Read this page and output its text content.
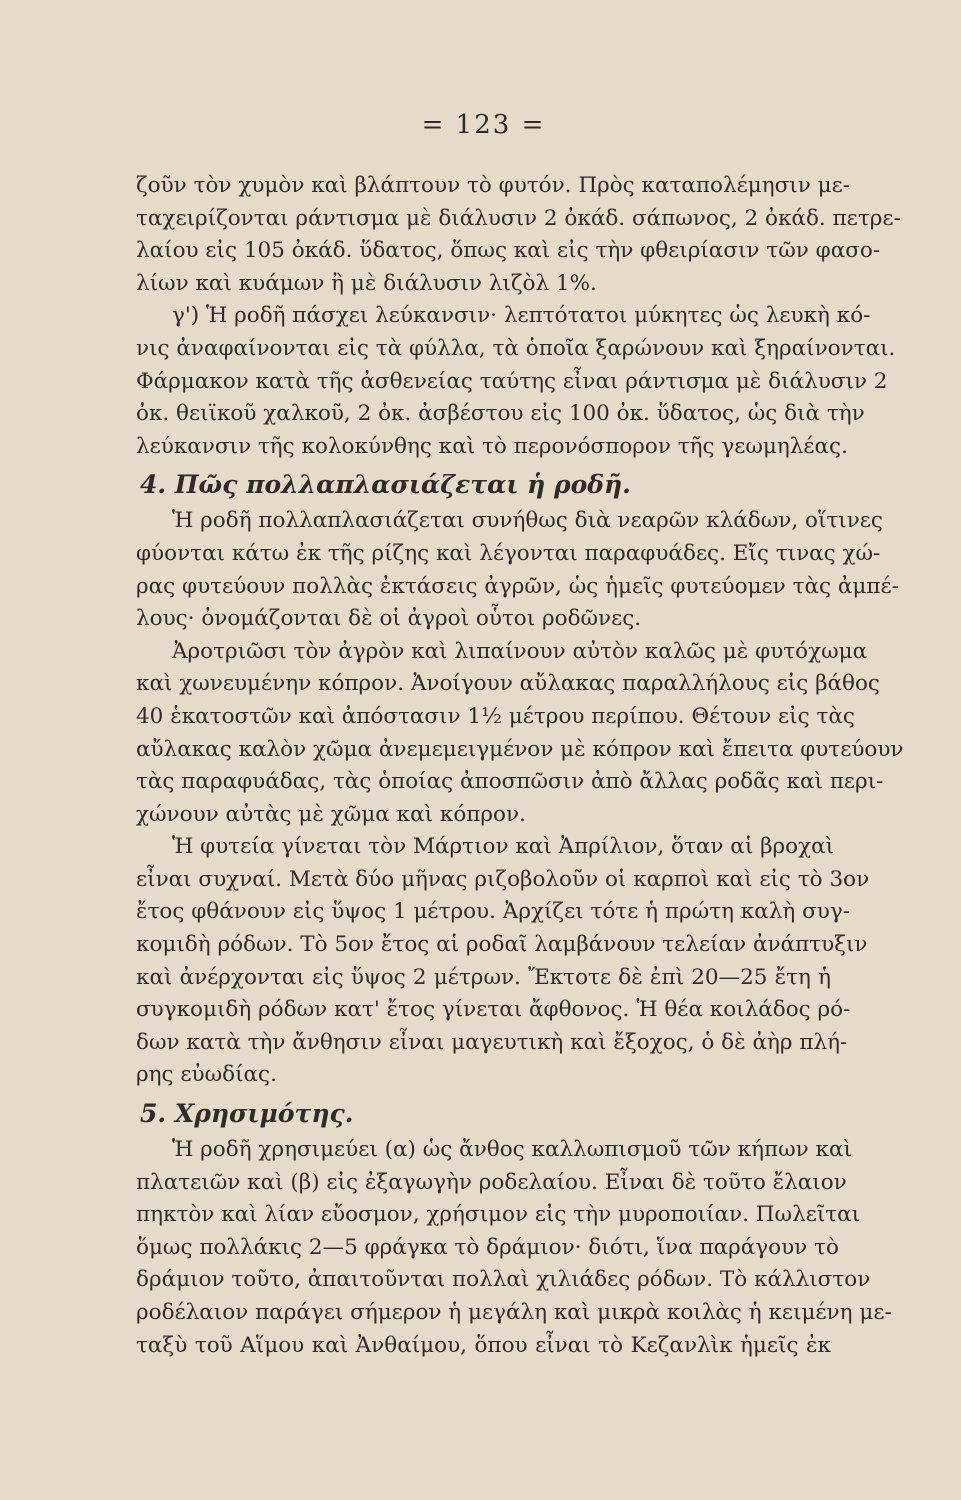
= 123 =
ζοῦν τὸν χυμὸν καὶ βλάπτουν τὸ φυτόν. Πρὸς καταπολέμησιν με-
ταχειρίζονται ράντισμα μὲ διάλυσιν 2 ὀκάδ. σάπωνος, 2 ὀκάδ. πετρε-
λαίου εἰς 105 ὀκάδ. ὕδατος, ὅπως καὶ εἰς τὴν φθειρίασιν τῶν φασο-
λίων καὶ κυάμων ἢ μὲ διάλυσιν λιζὸλ 1%.
γ') Ἡ ροδῆ πάσχει λεύκανσιν· λεπτότατοι μύκητες ὡς λευκὴ κό-
νις ἀναφαίνονται εἰς τὰ φύλλα, τὰ ὁποῖα ξαρώνουν καὶ ξηραίνονται.
Φάρμακον κατὰ τῆς ἀσθενείας ταύτης εἶναι ράντισμα μὲ διάλυσιν 2
ὀκ. θειϊκοῦ χαλκοῦ, 2 ὀκ. ἀσβέστου εἰς 100 ὀκ. ὕδατος, ὡς διὰ τὴν
λεύκανσιν τῆς κολοκύνθης καὶ τὸ περονόσπορον τῆς γεωμηλέας.
4. Πῶς πολλαπλασιάζεται ἡ ροδῆ.
Ἡ ροδῆ πολλαπλασιάζεται συνήθως διὰ νεαρῶν κλάδων, οἵτινες
φύονται κάτω ἐκ τῆς ρίζης καὶ λέγονται παραφυάδες. Εἴς τινας χώ-
ρας φυτεύουν πολλὰς ἐκτάσεις ἀγρῶν, ὡς ἡμεῖς φυτεύομεν τὰς ἀμπέ-
λους· ὀνομάζονται δὲ οἱ ἀγροὶ οὗτοι ροδῶνες.
Ἀροτριῶσι τὸν ἀγρὸν καὶ λιπαίνουν αὐτὸν καλῶς μὲ φυτόχωμα
καὶ χωνευμένην κόπρον. Ἀνοίγουν αὔλακας παραλλήλους εἰς βάθος
40 ἑκατοστῶν καὶ ἀπόστασιν 1½ μέτρου περίπου. Θέτουν εἰς τὰς
αὔλακας καλὸν χῶμα ἀνεμεμειγμένον μὲ κόπρον καὶ ἔπειτα φυτεύουν
τὰς παραφυάδας, τὰς ὁποίας ἀποσπῶσιν ἀπὸ ἄλλας ροδᾶς καὶ περι-
χώνουν αὐτὰς μὲ χῶμα καὶ κόπρον.
Ἡ φυτεία γίνεται τὸν Μάρτιον καὶ Ἀπρίλιον, ὅταν αἱ βροχαὶ
εἶναι συχναί. Μετὰ δύο μῆνας ριζοβολοῦν οἱ καρποὶ καὶ εἰς τὸ 3ον
ἔτος φθάνουν εἰς ὕψος 1 μέτρου. Ἀρχίζει τότε ἡ πρώτη καλὴ συγ-
κομιδὴ ρόδων. Τὸ 5ον ἔτος αἱ ροδαῖ λαμβάνουν τελείαν ἀνάπτυξιν
καὶ ἀνέρχονται εἰς ὕψος 2 μέτρων. Ἔκτοτε δὲ ἐπὶ 20—25 ἔτη ἡ
συγκομιδὴ ρόδων κατ' ἔτος γίνεται ἄφθονος. Ἡ θέα κοιλάδος ρό-
δων κατὰ τὴν ἄνθησιν εἶναι μαγευτικὴ καὶ ἔξοχος, ὁ δὲ ἀὴρ πλή-
ρης εὐωδίας.
5. Χρησιμότης.
Ἡ ροδῆ χρησιμεύει (α) ὡς ἄνθος καλλωπισμοῦ τῶν κήπων καὶ
πλατειῶν καὶ (β) εἰς ἐξαγωγὴν ροδελαίου. Εἶναι δὲ τοῦτο ἔλαιον
πηκτὸν καὶ λίαν εὔοσμον, χρήσιμον εἰς τὴν μυροποιίαν. Πωλεῖται
ὅμως πολλάκις 2—5 φράγκα τὸ δράμιον· διότι, ἵνα παράγουν τὸ
δράμιον τοῦτο, ἀπαιτοῦνται πολλαὶ χιλιάδες ρόδων. Τὸ κάλλιστον
ροδέλαιον παράγει σήμερον ἡ μεγάλη καὶ μικρὰ κοιλὰς ἡ κειμένη με-
ταξὺ τοῦ Αἵμου καὶ Ἀνθαίμου, ὅπου εἶναι τὸ Κεζανλὶκ ἡμεῖς ἐκ
